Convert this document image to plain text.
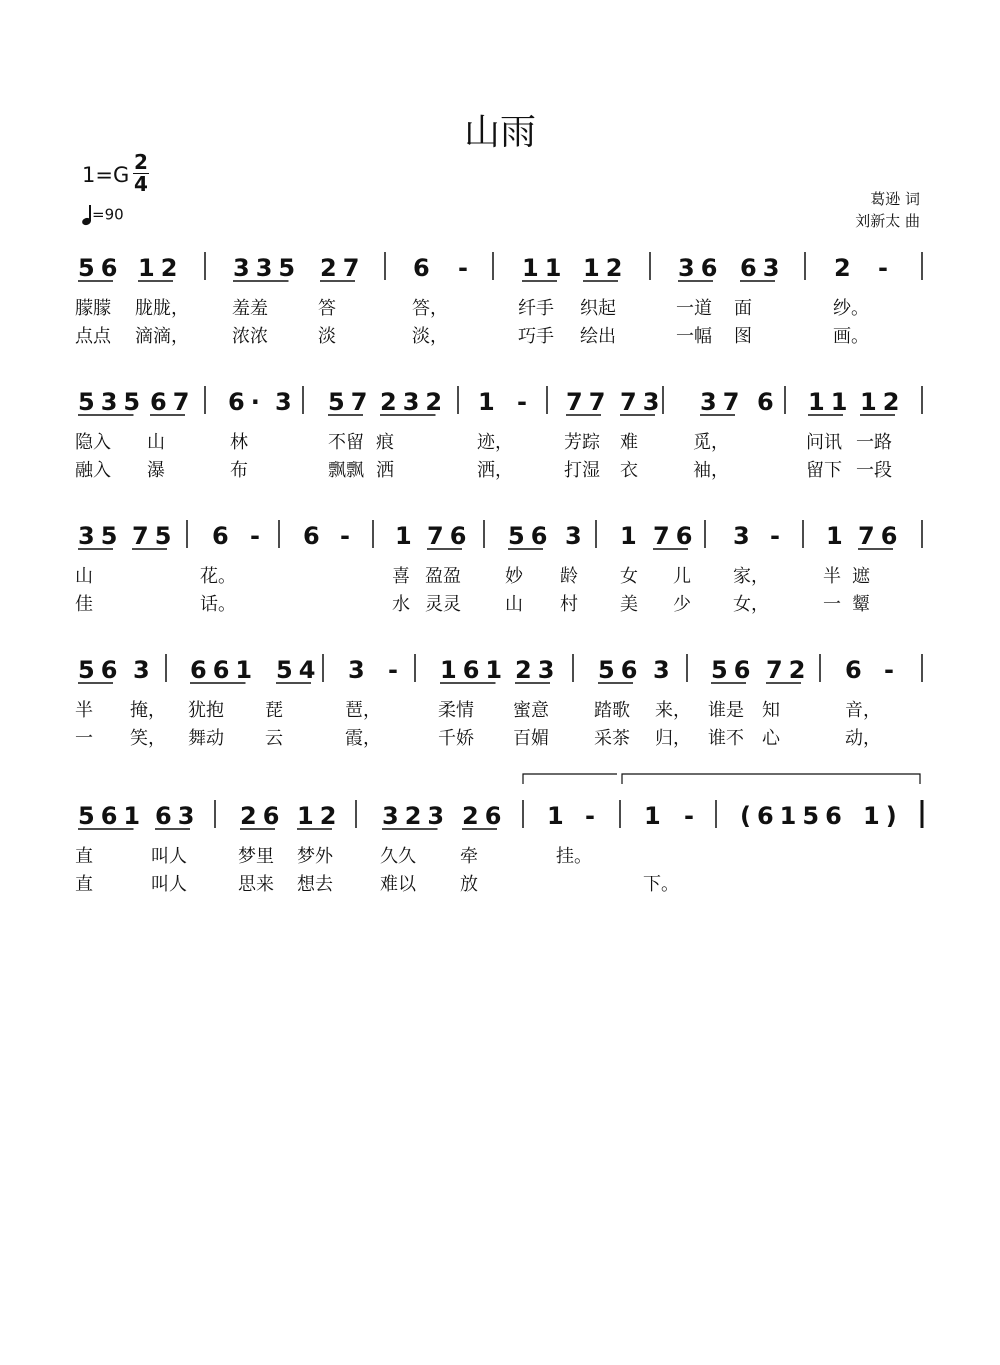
山雨
1=G
2
4
=90
葛逊 词
刘新太 曲
56 12 335 27 6 - 11 12 36 63 2 -
朦朦 胧胧， 羞羞	答	答，	纤手 织起	一道 面	纱。
点点 滴滴， 浓浓	淡	淡，	巧手 绘出	一幅 图	画。
535 67 6· 3 57 232 1 - 77 73 37 6 11 12
隐入 山	林	不留 痕	迹，	芳踪 难	觅，	问讯 一路
融入 瀑	布	飘飘 洒	洒，	打湿 衣	袖，	留下 一段
35 75 6 - 6 - 1 76 56 3 1 76 3 - 1 76
山	花。	喜 盈盈 妙 龄 女 儿 家，	半 遮
佳	话。	水 灵灵 山 村 美 少 女，	一 颦
56 3 661 54 3 - 161 23 56 3 56 72 6 -
半 掩， 犹抱 琵	琶，	柔情 蜜意	踏歌 来， 谁是 知	音，
一 笑， 舞动 云	霞，	千娇 百媚	采茶 归， 谁不 心	动，
561 63 26 12 323 26 1 - 1 - (6156 1)
直	叫人	梦里 梦外	久久 牵	挂。
直	叫人	思来 想去	难以 放	下。
